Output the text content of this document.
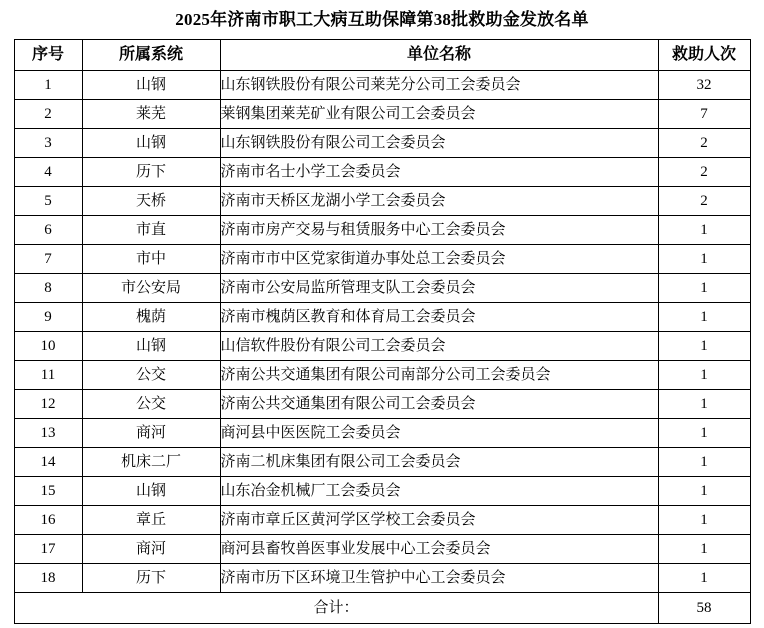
2025年济南市职工大病互助保障第38批救助金发放名单
序号	所属系统	单位名称	救助人次
1	山钢	山东钢铁股份有限公司莱芜分公司工会委员会	32
2	莱芜	莱钢集团莱芜矿业有限公司工会委员会	7
3	山钢	山东钢铁股份有限公司工会委员会	2
4	历下	济南市名士小学工会委员会	2
5	天桥	济南市天桥区龙湖小学工会委员会	2
6	市直	济南市房产交易与租赁服务中心工会委员会	1
7	市中	济南市市中区党家街道办事处总工会委员会	1
8	市公安局	济南市公安局监所管理支队工会委员会	1
9	槐荫	济南市槐荫区教育和体育局工会委员会	1
10	山钢	山信软件股份有限公司工会委员会	1
11	公交	济南公共交通集团有限公司南部分公司工会委员会	1
12	公交	济南公共交通集团有限公司工会委员会	1
13	商河	商河县中医医院工会委员会	1
14	机床二厂	济南二机床集团有限公司工会委员会	1
15	山钢	山东冶金机械厂工会委员会	1
16	章丘	济南市章丘区黄河学区学校工会委员会	1
17	商河	商河县畜牧兽医事业发展中心工会委员会	1
18	历下	济南市历下区环境卫生管护中心工会委员会	1
合计：			58
